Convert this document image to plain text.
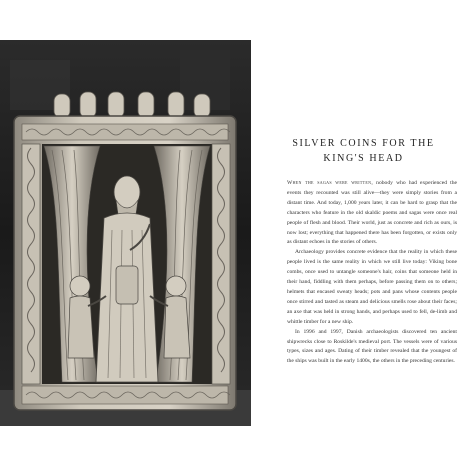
SILVER COINS FOR THE
KING'S HEAD

When the sagas were written, nobody who had experienced the events they recounted was still alive—they were simply stories from a distant time. And today, 1,000 years later, it can be hard to grasp that the characters who feature in the old skaldic poems and sagas were once real people of flesh and blood. Their world, just as concrete and rich as ours, is now lost; everything that happened there has been forgotten, or exists only as distant echoes in the stories of others.

Archaeology provides concrete evidence that the reality in which these people lived is the same reality in which we still live today: Viking bone combs, once used to untangle someone's hair, coins that someone held in their hand, fiddling with them perhaps, before passing them on to others; helmets that encased sweaty heads; pots and pans whose contents people once stirred and tasted as steam and delicious smells rose about their faces; an axe that was held in strong hands, and perhaps used to fell, de-limb and whittle timber for a new ship.

In 1996 and 1997, Danish archaeologists discovered ten ancient shipwrecks close to Roskilde's medieval port. The vessels were of various types, sizes and ages. Dating of their timber revealed that the youngest of the ships was built in the early 1400s, the others in the preceding centuries.
